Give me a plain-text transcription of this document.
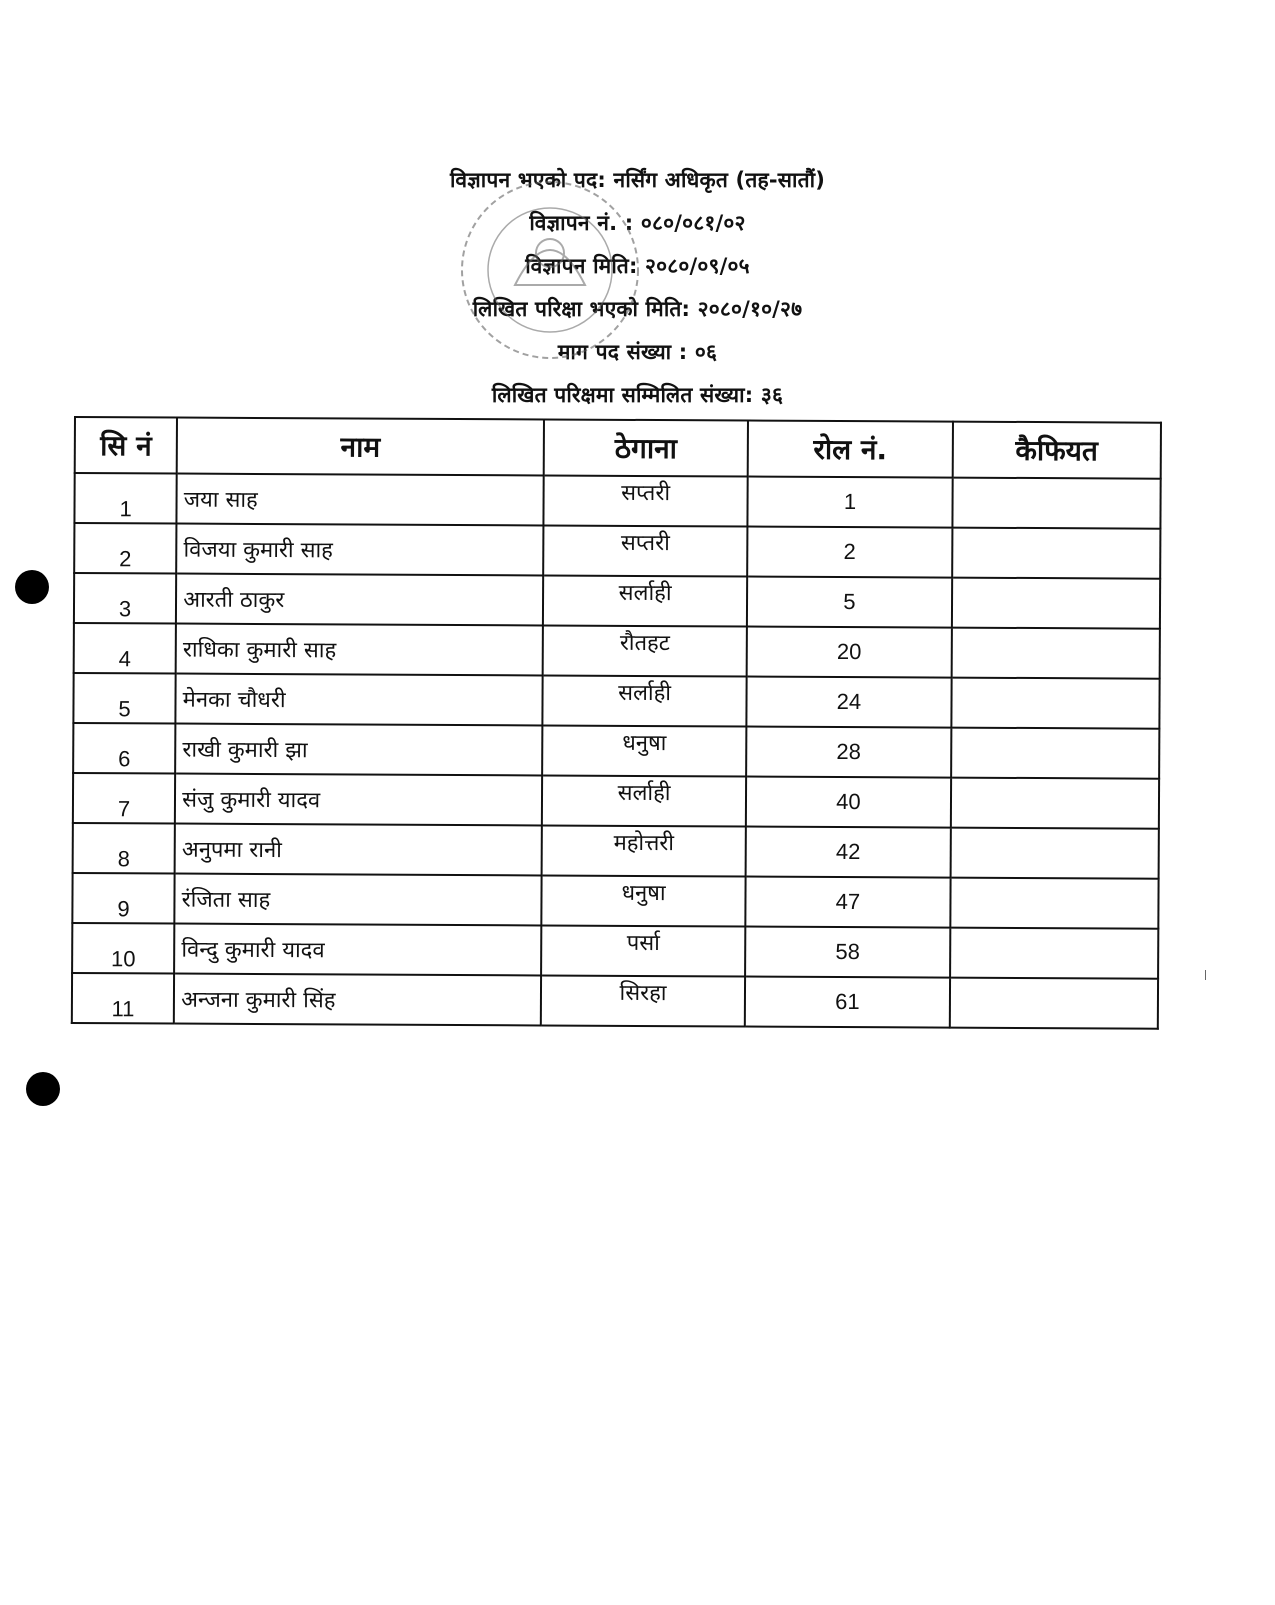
विज्ञापन भएको पद: नर्सिंग अधिकृत (तह-सातौं)
विज्ञापन नं. : ०८०/०८१/०२
विज्ञापन मिति: २०८०/०९/०५
लिखित परिक्षा भएको मिति: २०८०/१०/२७
माग पद संख्या : ०६
लिखित परिक्षमा सम्मिलित संख्या: ३६
सि नं	नाम	ठेगाना	रोल नं.	कैफियत
1	जया साह	सप्तरी	1	
2	विजया कुमारी साह	सप्तरी	2	
3	आरती ठाकुर	सर्लाही	5	
4	राधिका कुमारी साह	रौतहट	20	
5	मेनका चौधरी	सर्लाही	24	
6	राखी कुमारी झा	धनुषा	28	
7	संजु कुमारी यादव	सर्लाही	40	
8	अनुपमा रानी	महोत्तरी	42	
9	रंजिता साह	धनुषा	47	
10	विन्दु कुमारी यादव	पर्सा	58	
11	अन्जना कुमारी सिंह	सिरहा	61	
